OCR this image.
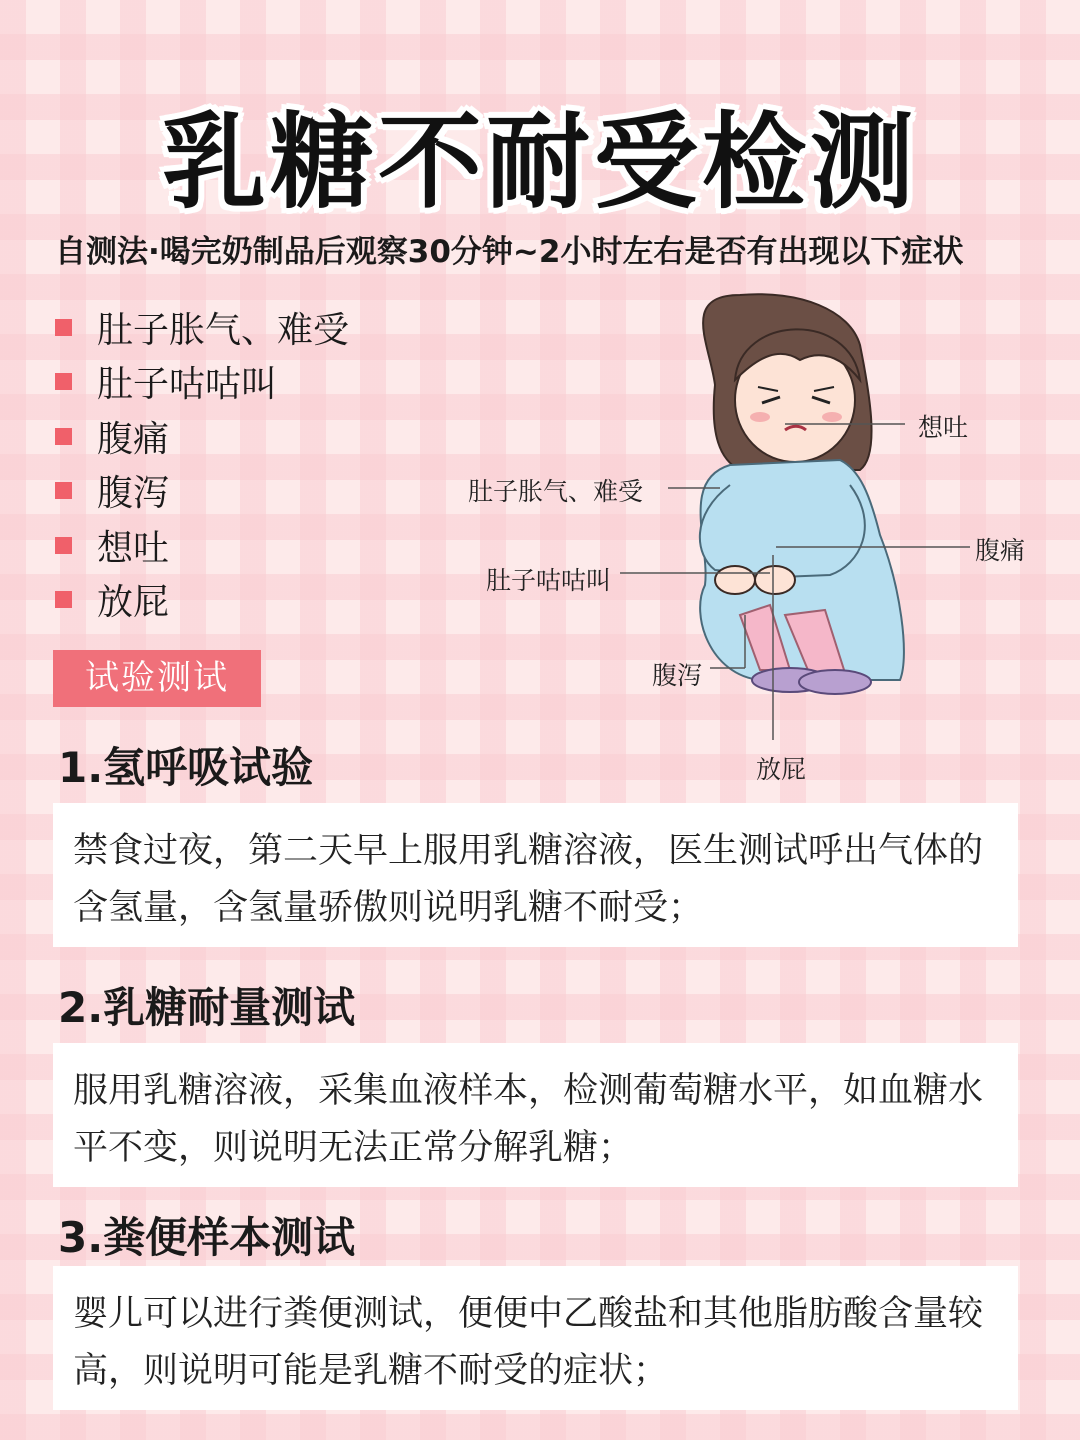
乳糖不耐受检测
自测法·喝完奶制品后观察30分钟~2小时左右是否有出现以下症状
肚子胀气、难受
肚子咕咕叫
腹痛
腹泻
想吐
放屁
想吐
肚子胀气、难受
腹痛
肚子咕咕叫
腹泻
放屁
试验测试
1.氢呼吸试验
禁食过夜，第二天早上服用乳糖溶液，医生测试呼出气体的含氢量，含氢量骄傲则说明乳糖不耐受；
2.乳糖耐量测试
服用乳糖溶液，采集血液样本，检测葡萄糖水平，如血糖水平不变，则说明无法正常分解乳糖；
3.粪便样本测试
婴儿可以进行粪便测试，便便中乙酸盐和其他脂肪酸含量较高，则说明可能是乳糖不耐受的症状；
